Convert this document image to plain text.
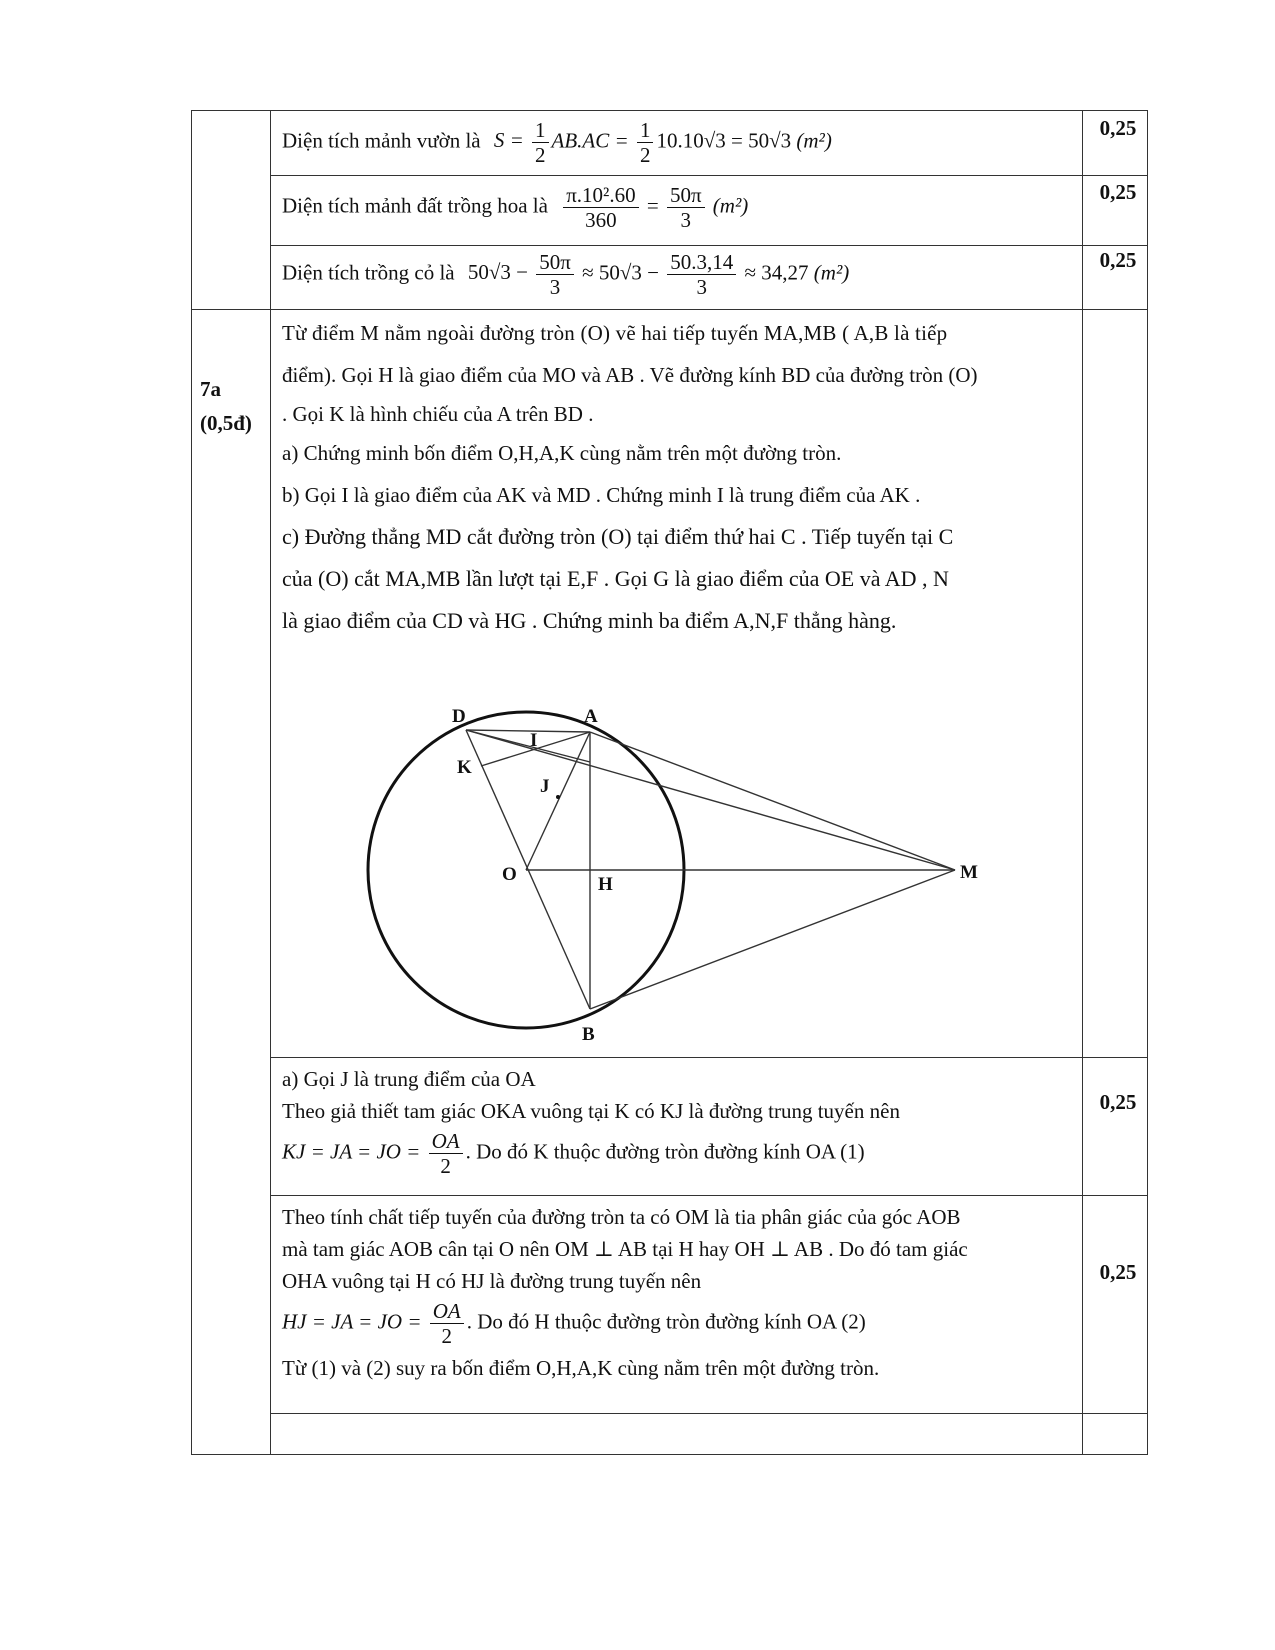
Diện tích mảnh vườn là $S = \frac{1}{2} AB.AC = \frac{1}{2} 10.10√3 = 50√3$ (m²)
0,25
Diện tích mảnh đất trồng hoa là $\frac{\text{π.10².60}}{360} = \frac{50\pi}{3} (m^2)$
0,25
Diện tích trồng cỏ là $50√3 - \frac{50\pi}{3} \approx 50√3 - \frac{50.3,14}{3} \approx 34,27$ (m²)
0,25
7a
(0,5đ)
Từ điểm M nằm ngoài đường tròn (O) vẽ hai tiếp tuyến MA,MB ( A,B là tiếp
điểm). Gọi H là giao điểm của MO và AB . Vẽ đường kính BD của đường tròn (O)
. Gọi K là hình chiếu của A trên BD .
a) Chứng minh bốn điểm O,H,A,K cùng nằm trên một đường tròn.
b) Gọi I là giao điểm của AK và MD . Chứng minh I là trung điểm của AK .
c) Đường thẳng MD cắt đường tròn (O) tại điểm thứ hai C . Tiếp tuyến tại C
của (O) cắt MA,MB lần lượt tại E,F . Gọi G là giao điểm của OE và AD , N
là giao điểm của CD và HG . Chứng minh ba điểm A,N,F thẳng hàng.
D	A
I
K
J
O	H
M
B
a) Gọi J là trung điểm của OA
Theo giả thiết tam giác OKA vuông tại K có KJ là đường trung tuyến nên
KJ = JA = JO = $\frac{OA}{2}$ . Do đó K thuộc đường tròn đường kính OA (1)
0,25
Theo tính chất tiếp tuyến của đường tròn ta có OM là tia phân giác của góc AOB
mà tam giác AOB cân tại O nên OM ⊥ AB tại H hay OH ⊥ AB . Do đó tam giác
OHA vuông tại H có HJ là đường trung tuyến nên
HJ = JA = JO = $\frac{OA}{2}$ . Do đó H thuộc đường tròn đường kính OA (2)
Từ (1) và (2) suy ra bốn điểm O,H,A,K cùng nằm trên một đường tròn.
0,25
